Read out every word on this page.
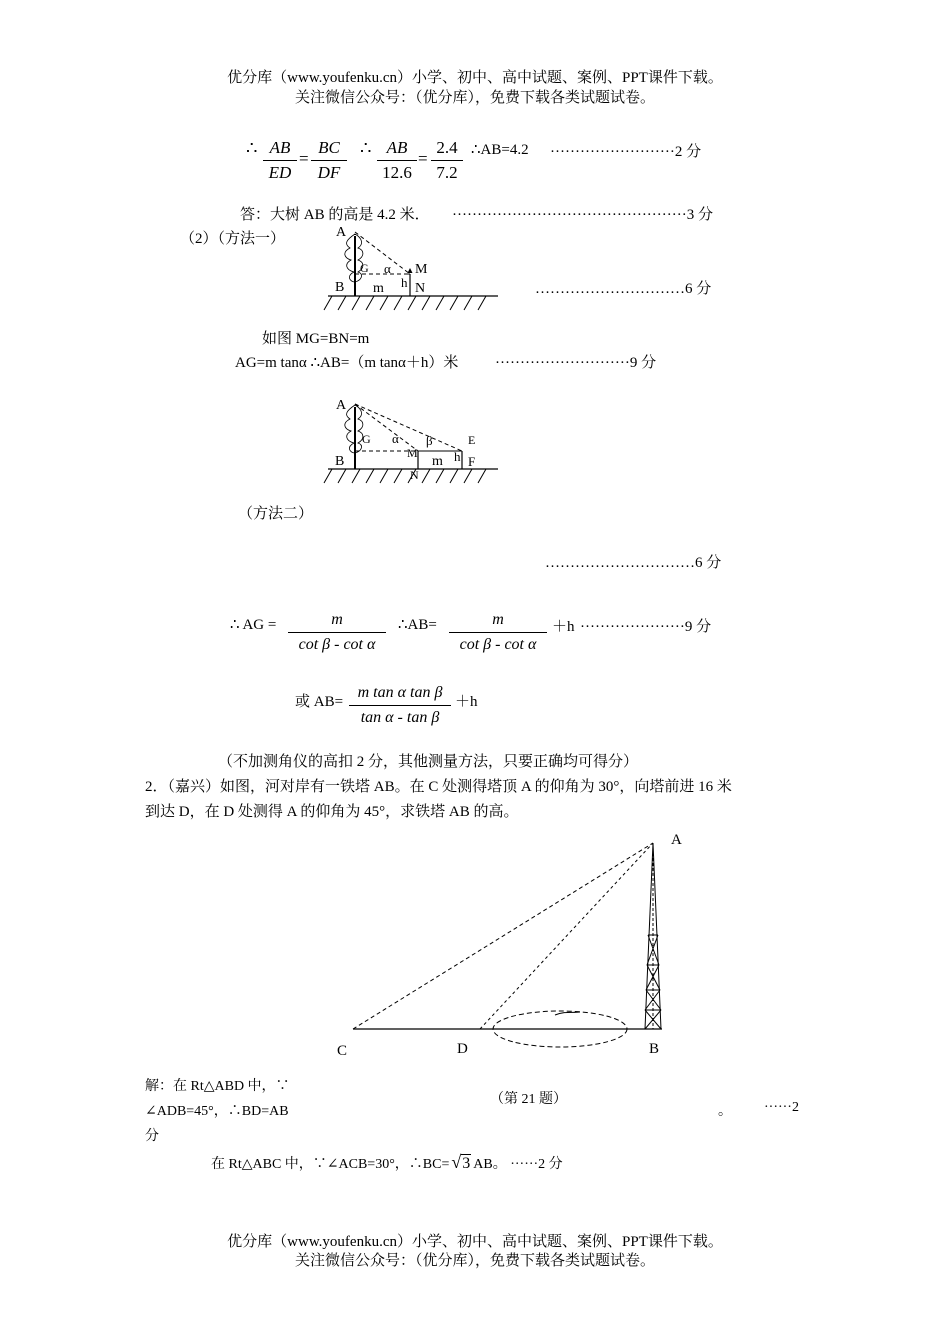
优分库（www.youfenku.cn）小学、初中、高中试题、案例、PPT课件下载。
关注微信公众号：（优分库），免费下载各类试题试卷。
∴ AB
ED
=
BC
DF
∴ AB
12.6
=
2.4
7.2
∴AB=4.2 ·························2 分
答：大树 AB 的高是 4.2 米． ···············································3 分
（2）（方法一）	A
G α M
B m h N	…………………………6 分
如图 MG=BN=m
AG=m tanα ∴AB=（m tanα＋h）米 ···························9 分
A
G α β	E
B
M
m h F
N
（方法二）
…………………………6 分
∴ AG =	m
cot β - cot α
∴AB=	m
cot β - cot α
＋h ·····················9 分
或 AB=
m tan α tan β
tan α - tan β
＋h
（不加测角仪的高扣 2 分，其他测量方法，只要正确均可得分）
2．（嘉兴）如图，河对岸有一铁塔 AB。在 C 处测得塔顶 A 的仰角为 30°，向塔前进 16 米
到达 D，在 D 处测得 A 的仰角为 45°，求铁塔 AB 的高。
A
C	D	B
解：在 Rt△ABD 中，∵
（第 21 题）
∠ADB=45°，∴BD=AB	。 ······2
分
在 Rt△ABC 中，∵∠ACB=30°，∴BC= √3 AB。 ······2 分
优分库（www.youfenku.cn）小学、初中、高中试题、案例、PPT课件下载。
关注微信公众号：（优分库），免费下载各类试题试卷。
